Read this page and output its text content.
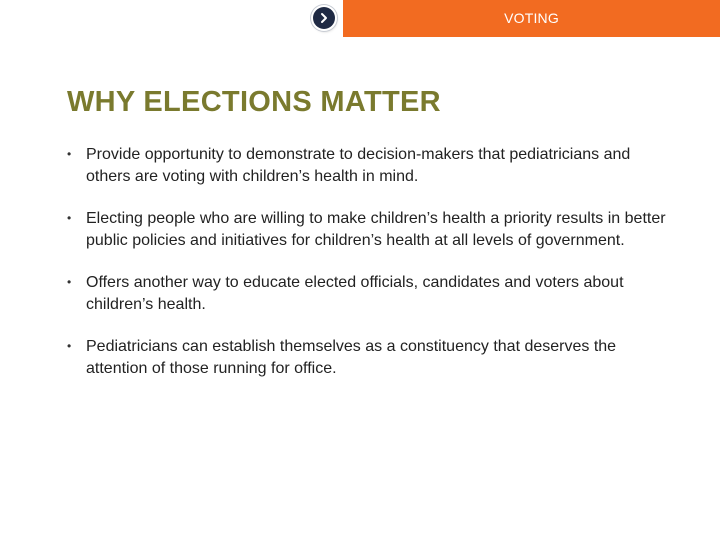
VOTING
WHY ELECTIONS MATTER
• Provide opportunity to demonstrate to decision-makers that pediatricians and others are voting with children’s health in mind.
• Electing people who are willing to make children’s health a priority results in better public policies and initiatives for children’s health at all levels of government.
• Offers another way to educate elected officials, candidates and voters about children’s health.
• Pediatricians can establish themselves as a constituency that deserves the attention of those running for office.
